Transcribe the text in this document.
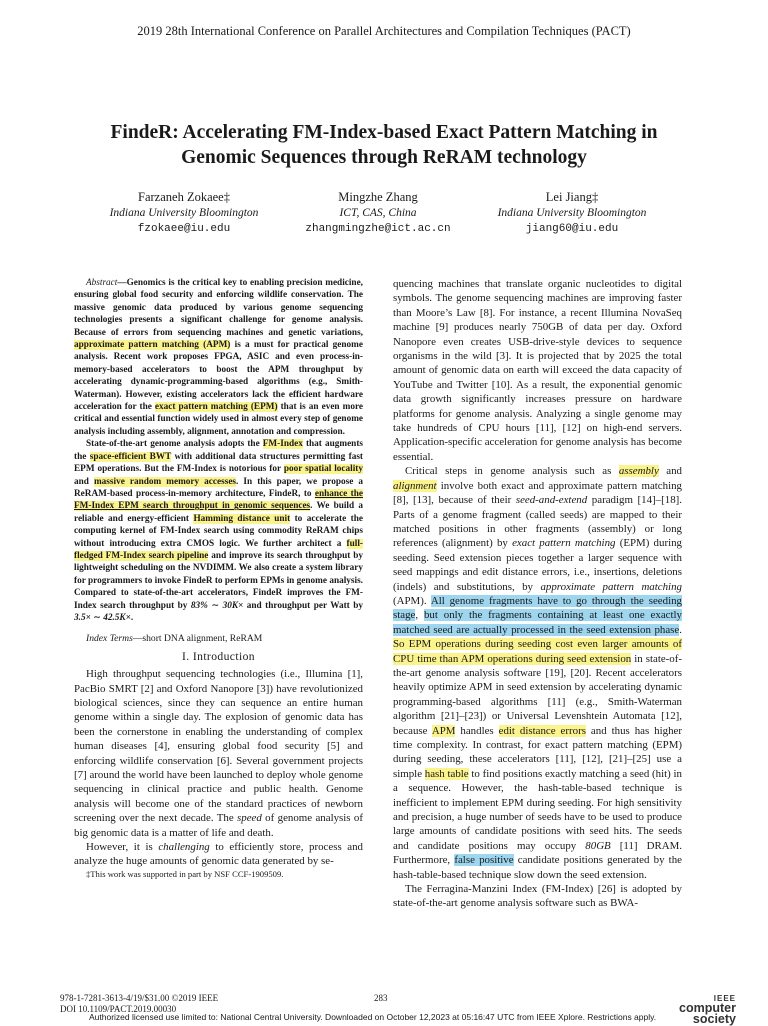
2019 28th International Conference on Parallel Architectures and Compilation Techniques (PACT)
FindeR: Accelerating FM-Index-based Exact Pattern Matching in
Genomic Sequences through ReRAM technology
Farzaneh Zokaee‡
Indiana University Bloomington
fzokaee@iu.edu
Mingzhe Zhang
ICT, CAS, China
zhangmingzhe@ict.ac.cn
Lei Jiang‡
Indiana University Bloomington
jiang60@iu.edu

Abstract—Genomics is the critical key to enabling precision medicine, ensuring global food security and enforcing wildlife conservation. The massive genomic data produced by various genome sequencing technologies presents a significant challenge for genome analysis. Because of errors from sequencing machines and genetic variations, approximate pattern matching (APM) is a must for practical genome analysis. Recent work proposes FPGA, ASIC and even process-in-memory-based accelerators to boost the APM throughput by accelerating dynamic-programming-based algorithms (e.g., Smith-Waterman). However, existing accelerators lack the efficient hardware acceleration for the exact pattern matching (EPM) that is an even more critical and essential function widely used in almost every step of genome analysis including assembly, alignment, annotation and compression.

State-of-the-art genome analysis adopts the FM-Index that augments the space-efficient BWT with additional data structures permitting fast EPM operations. But the FM-Index is notorious for poor spatial locality and massive random memory accesses. In this paper, we propose a ReRAM-based process-in-memory architecture, FindeR, to enhance the FM-Index EPM search throughput in genomic sequences. We build a reliable and energy-efficient Hamming distance unit to accelerate the computing kernel of FM-Index search using commodity ReRAM chips without introducing extra CMOS logic. We further architect a full-fledged FM-Index search pipeline and improve its search throughput by lightweight scheduling on the NVDIMM. We also create a system library for programmers to invoke FindeR to perform EPMs in genome analysis. Compared to state-of-the-art accelerators, FindeR improves the FM-Index search throughput by 83% ∼ 30K× and throughput per Watt by 3.5× ∼ 42.5K×.

Index Terms—short DNA alignment, ReRAM

I. Introduction

High throughput sequencing technologies (i.e., Illumina [1], PacBio SMRT [2] and Oxford Nanopore [3]) have revolutionized biological sciences, since they can sequence an entire human genome within a single day. The explosion of genomic data has been the cornerstone in enabling the understanding of complex human diseases [4], ensuring global food security [5] and enforcing wildlife conservation [6]. Several government projects [7] around the world have been launched to deploy whole genome sequencing in clinical practice and public health. Genome analysis will become one of the standard practices of newborn screening over the next decade. The speed of genome analysis of big genomic data is a matter of life and death.

However, it is challenging to efficiently store, process and analyze the huge amounts of genomic data generated by se-

‡This work was supported in part by NSF CCF-1909509.

quencing machines that translate organic nucleotides to digital symbols. The genome sequencing machines are improving faster than Moore’s Law [8]. For instance, a recent Illumina NovaSeq machine [9] produces nearly 750GB of data per day. Oxford Nanopore even creates USB-drive-style devices to sequence organisms in the wild [3]. It is projected that by 2025 the total amount of genomic data on earth will exceed the data capacity of YouTube and Twitter [10]. As a result, the exponential genomic data growth significantly increases pressure on hardware platforms for genome analysis. Analyzing a single genome may take hundreds of CPU hours [11], [12] on high-end servers. Application-specific acceleration for genome analysis has become essential.

Critical steps in genome analysis such as assembly and alignment involve both exact and approximate pattern matching [8], [13], because of their seed-and-extend paradigm [14]–[18]. Parts of a genome fragment (called seeds) are mapped to their matched positions in other fragments (assembly) or long references (alignment) by exact pattern matching (EPM) during seeding. Seed extension pieces together a larger sequence with seed mappings and edit distance errors, i.e., insertions, deletions (indels) and substitutions, by approximate pattern matching (APM). All genome fragments have to go through the seeding stage, but only the fragments containing at least one exactly matched seed are actually processed in the seed extension phase. So EPM operations during seeding cost even larger amounts of CPU time than APM operations during seed extension in state-of-the-art genome analysis software [19], [20]. Recent accelerators heavily optimize APM in seed extension by accelerating dynamic programming-based algorithms [11] (e.g., Smith-Waterman algorithm [21]–[23]) or Universal Levenshtein Automata [12], because APM handles edit distance errors and thus has higher time complexity. In contrast, for exact pattern matching (EPM) during seeding, these accelerators [11], [12], [21]–[25] use a simple hash table to find positions exactly matching a seed (hit) in a sequence. However, the hash-table-based technique is inefficient to implement EPM during seeding. For high sensitivity and precision, a huge number of seeds have to be used to produce large amounts of candidate positions with seed hits. The seeds and candidate positions may occupy 80GB [11] DRAM. Furthermore, false positive candidate positions generated by the hash-table-based technique slow down the seed extension.

The Ferragina-Manzini Index (FM-Index) [26] is adopted by state-of-the-art genome analysis software such as BWA-

978-1-7281-3613-4/19/$31.00 ©2019 IEEE
DOI 10.1109/PACT.2019.00030
283	IEEE
computer
society
Authorized licensed use limited to: National Central University. Downloaded on October 12,2023 at 05:16:47 UTC from IEEE Xplore. Restrictions apply.
